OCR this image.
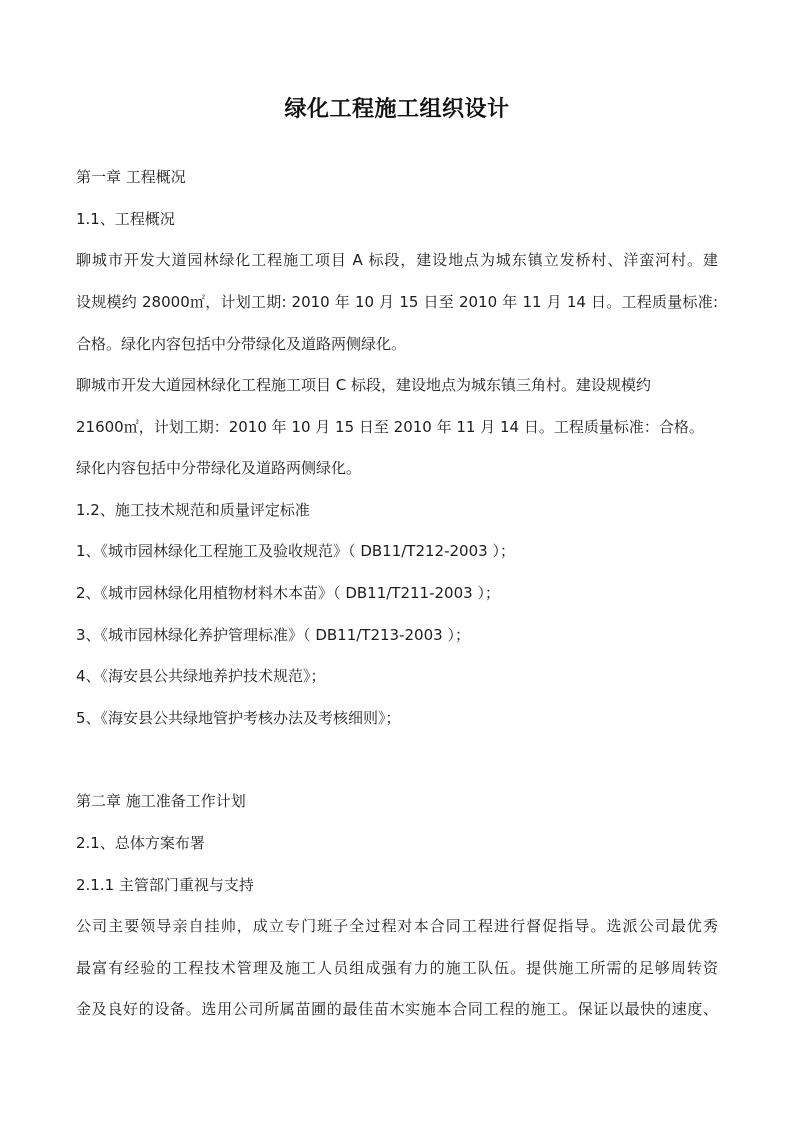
绿化工程施工组织设计
第一章 工程概况
1.1、工程概况
聊城市开发大道园林绿化工程施工项目 A 标段，建设地点为城东镇立发桥村、洋蛮河村。建
设规模约 28000㎡，计划工期: 2010 年 10 月 15 日至 2010 年 11 月 14 日。工程质量标准:
合格。绿化内容包括中分带绿化及道路两侧绿化。
聊城市开发大道园林绿化工程施工项目 C 标段，建设地点为城东镇三角村。建设规模约
21600㎡，计划工期：2010 年 10 月 15 日至 2010 年 11 月 14 日。工程质量标准：合格。
绿化内容包括中分带绿化及道路两侧绿化。
1.2、施工技术规范和质量评定标准
1、《城市园林绿化工程施工及验收规范》（ DB11/T212-2003 ）；
2、《城市园林绿化用植物材料木本苗》（ DB11/T211-2003 ）；
3、《城市园林绿化养护管理标准》（ DB11/T213-2003 ）；
4、《海安县公共绿地养护技术规范》；
5、《海安县公共绿地管护考核办法及考核细则》；
第二章 施工准备工作计划
2.1、总体方案布署
2.1.1 主管部门重视与支持
公司主要领导亲自挂帅，成立专门班子全过程对本合同工程进行督促指导。选派公司最优秀
最富有经验的工程技术管理及施工人员组成强有力的施工队伍。提供施工所需的足够周转资
金及良好的设备。选用公司所属苗圃的最佳苗木实施本合同工程的施工。保证以最快的速度、
